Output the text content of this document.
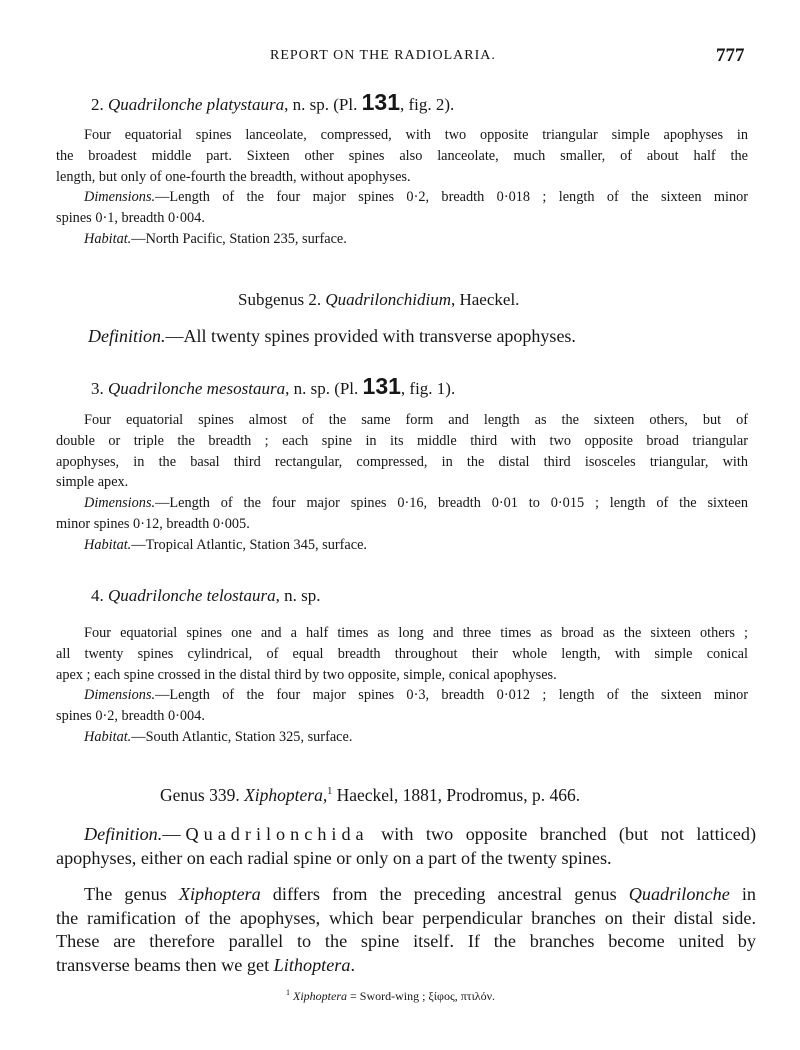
REPORT ON THE RADIOLARIA.	777
2. Quadrilonche platystaura, n. sp. (Pl. 131, fig. 2).
Four equatorial spines lanceolate, compressed, with two opposite triangular simple apophyses in
the broadest middle part. Sixteen other spines also lanceolate, much smaller, of about half the
length, but only of one-fourth the breadth, without apophyses.
Dimensions.—Length of the four major spines 0·2, breadth 0·018 ; length of the sixteen minor
spines 0·1, breadth 0·004.
Habitat.—North Pacific, Station 235, surface.
Subgenus 2. Quadrilonchidium, Haeckel.
Definition.—All twenty spines provided with transverse apophyses.
3. Quadrilonche mesostaura, n. sp. (Pl. 131, fig. 1).
Four equatorial spines almost of the same form and length as the sixteen others, but of
double or triple the breadth ; each spine in its middle third with two opposite broad triangular
apophyses, in the basal third rectangular, compressed, in the distal third isosceles triangular, with
simple apex.
Dimensions.—Length of the four major spines 0·16, breadth 0·01 to 0·015 ; length of the sixteen
minor spines 0·12, breadth 0·005.
Habitat.—Tropical Atlantic, Station 345, surface.
4. Quadrilonche telostaura, n. sp.
Four equatorial spines one and a half times as long and three times as broad as the sixteen others ;
all twenty spines cylindrical, of equal breadth throughout their whole length, with simple conical
apex ; each spine crossed in the distal third by two opposite, simple, conical apophyses.
Dimensions.—Length of the four major spines 0·3, breadth 0·012 ; length of the sixteen minor
spines 0·2, breadth 0·004.
Habitat.—South Atlantic, Station 325, surface.
Genus 339. Xiphoptera,$^1$ Haeckel, 1881, Prodromus, p. 466.
Definition.—Quadrilonchida with two opposite branched (but not latticed)
apophyses, either on each radial spine or only on a part of the twenty spines.
The genus Xiphoptera differs from the preceding ancestral genus Quadrilonche in
the ramification of the apophyses, which bear perpendicular branches on their distal side.
These are therefore parallel to the spine itself. If the branches become united by
transverse beams then we get Lithoptera.
$^1$ Xiphoptera = Sword-wing ; ξίφος, πτιλόν.
